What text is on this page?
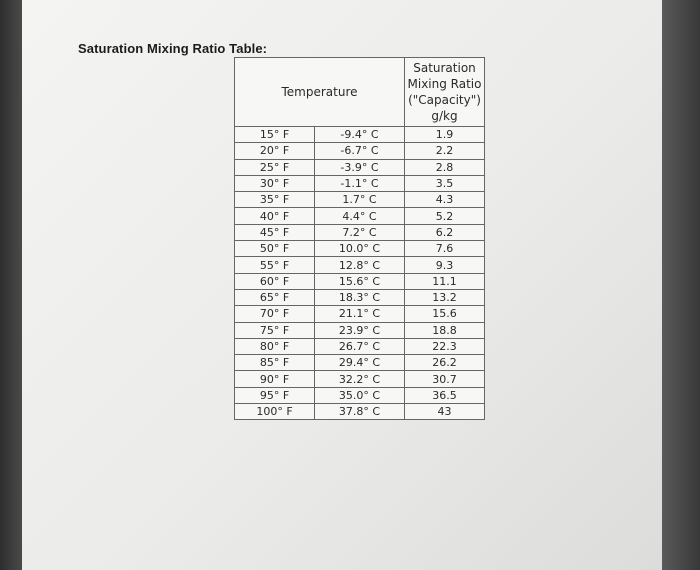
Saturation Mixing Ratio Table:
Temperature		Saturation
Mixing Ratio
("Capacity")
g/kg

15° F	-9.4° C	1.9
20° F	-6.7° C	2.2
25° F	-3.9° C	2.8
30° F	-1.1° C	3.5
35° F	1.7° C	4.3
40° F	4.4° C	5.2
45° F	7.2° C	6.2
50° F	10.0° C	7.6
55° F	12.8° C	9.3
60° F	15.6° C	11.1
65° F	18.3° C	13.2
70° F	21.1° C	15.6
75° F	23.9° C	18.8
80° F	26.7° C	22.3
85° F	29.4° C	26.2
90° F	32.2° C	30.7
95° F	35.0° C	36.5
100° F	37.8° C	43
